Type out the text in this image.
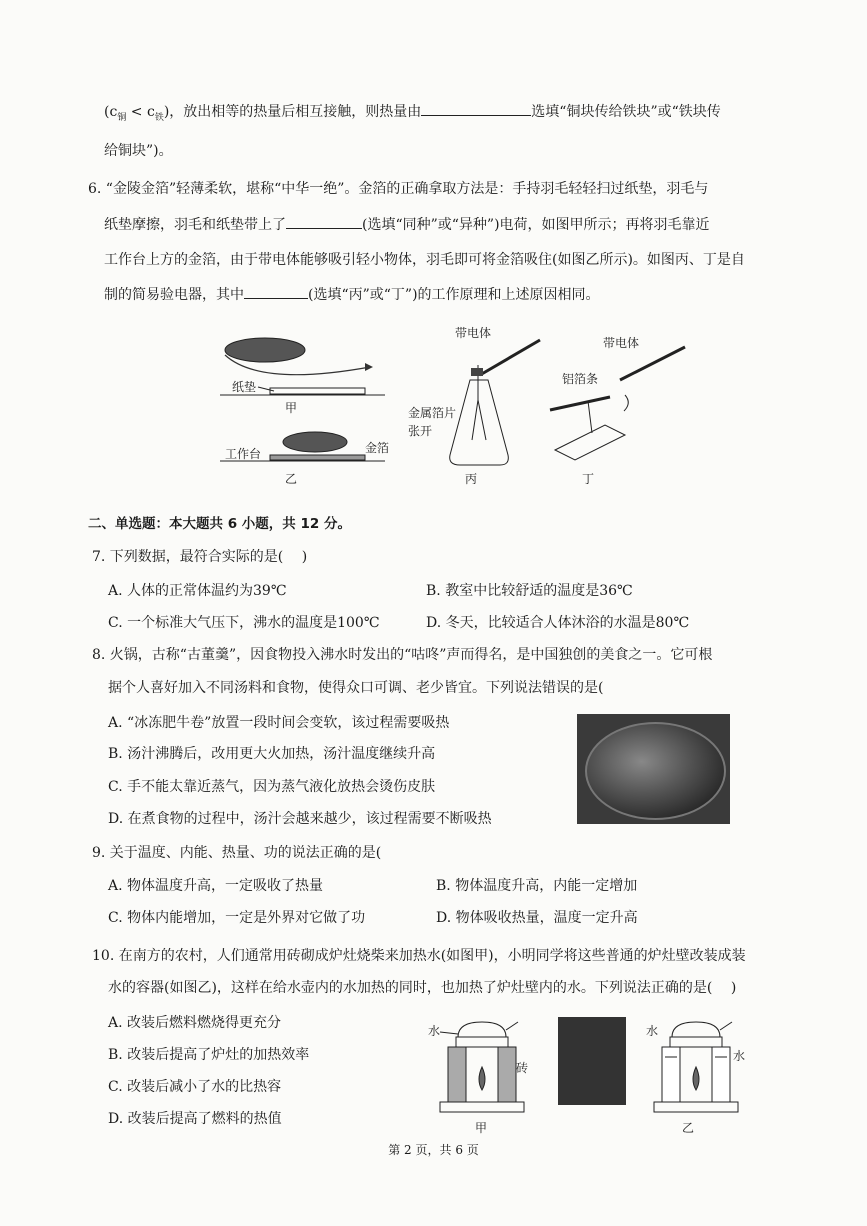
$(c_铜 < c_铁)$，放出相等的热量后相互接触，则热量由	选填“铜块传给铁块”或“铁块传
给铜块”)。
6. “金陵金箔”轻薄柔软，堪称“中华一绝”。金箔的正确拿取方法是：手持羽毛轻轻扫过纸垫，羽毛与
纸垫摩擦，羽毛和纸垫带上了	(选填“同种”或“异种”)电荷，如图甲所示；再将羽毛靠近
工作台上方的金箔，由于带电体能够吸引轻小物体，羽毛即可将金箔吸住(如图乙所示)。如图丙、丁是自
制的简易验电器，其中	(选填“丙”或“丁”)的工作原理和上述原因相同。
纸垫
甲
工作台	金箔
乙
带电体
金属箔片
张开
丙
带电体
铝箔条
丁
二、单选题：本大题共 6 小题，共 12 分。
7. 下列数据，最符合实际的是(　 )
A. 人体的正常体温约为39℃	B. 教室中比较舒适的温度是36℃
C. 一个标准大气压下，沸水的温度是100℃	D. 冬天，比较适合人体沐浴的水温是80℃
8. 火锅，古称“古董羹”，因食物投入沸水时发出的“咕咚”声而得名，是中国独创的美食之一。它可根
据个人喜好加入不同汤料和食物，使得众口可调、老少皆宜。下列说法错误的是(
A. “冰冻肥牛卷”放置一段时间会变软，该过程需要吸热
B. 汤汁沸腾后，改用更大火加热，汤汁温度继续升高
C. 手不能太靠近蒸气，因为蒸气液化放热会烫伤皮肤
D. 在煮食物的过程中，汤汁会越来越少，该过程需要不断吸热
9. 关于温度、内能、热量、功的说法正确的是(
A. 物体温度升高，一定吸收了热量	B. 物体温度升高，内能一定增加
C. 物体内能增加，一定是外界对它做了功	D. 物体吸收热量，温度一定升高
10. 在南方的农村，人们通常用砖砌成炉灶烧柴来加热水(如图甲)，小明同学将这些普通的炉灶壁改装成装
水的容器(如图乙)，这样在给水壶内的水加热的同时，也加热了炉灶壁内的水。下列说法正确的是(　 )
A. 改装后燃料燃烧得更充分
B. 改装后提高了炉灶的加热效率
C. 改装后减小了水的比热容
D. 改装后提高了燃料的热值
水
砖
甲
水
水
乙
第 2 页，共 6 页
